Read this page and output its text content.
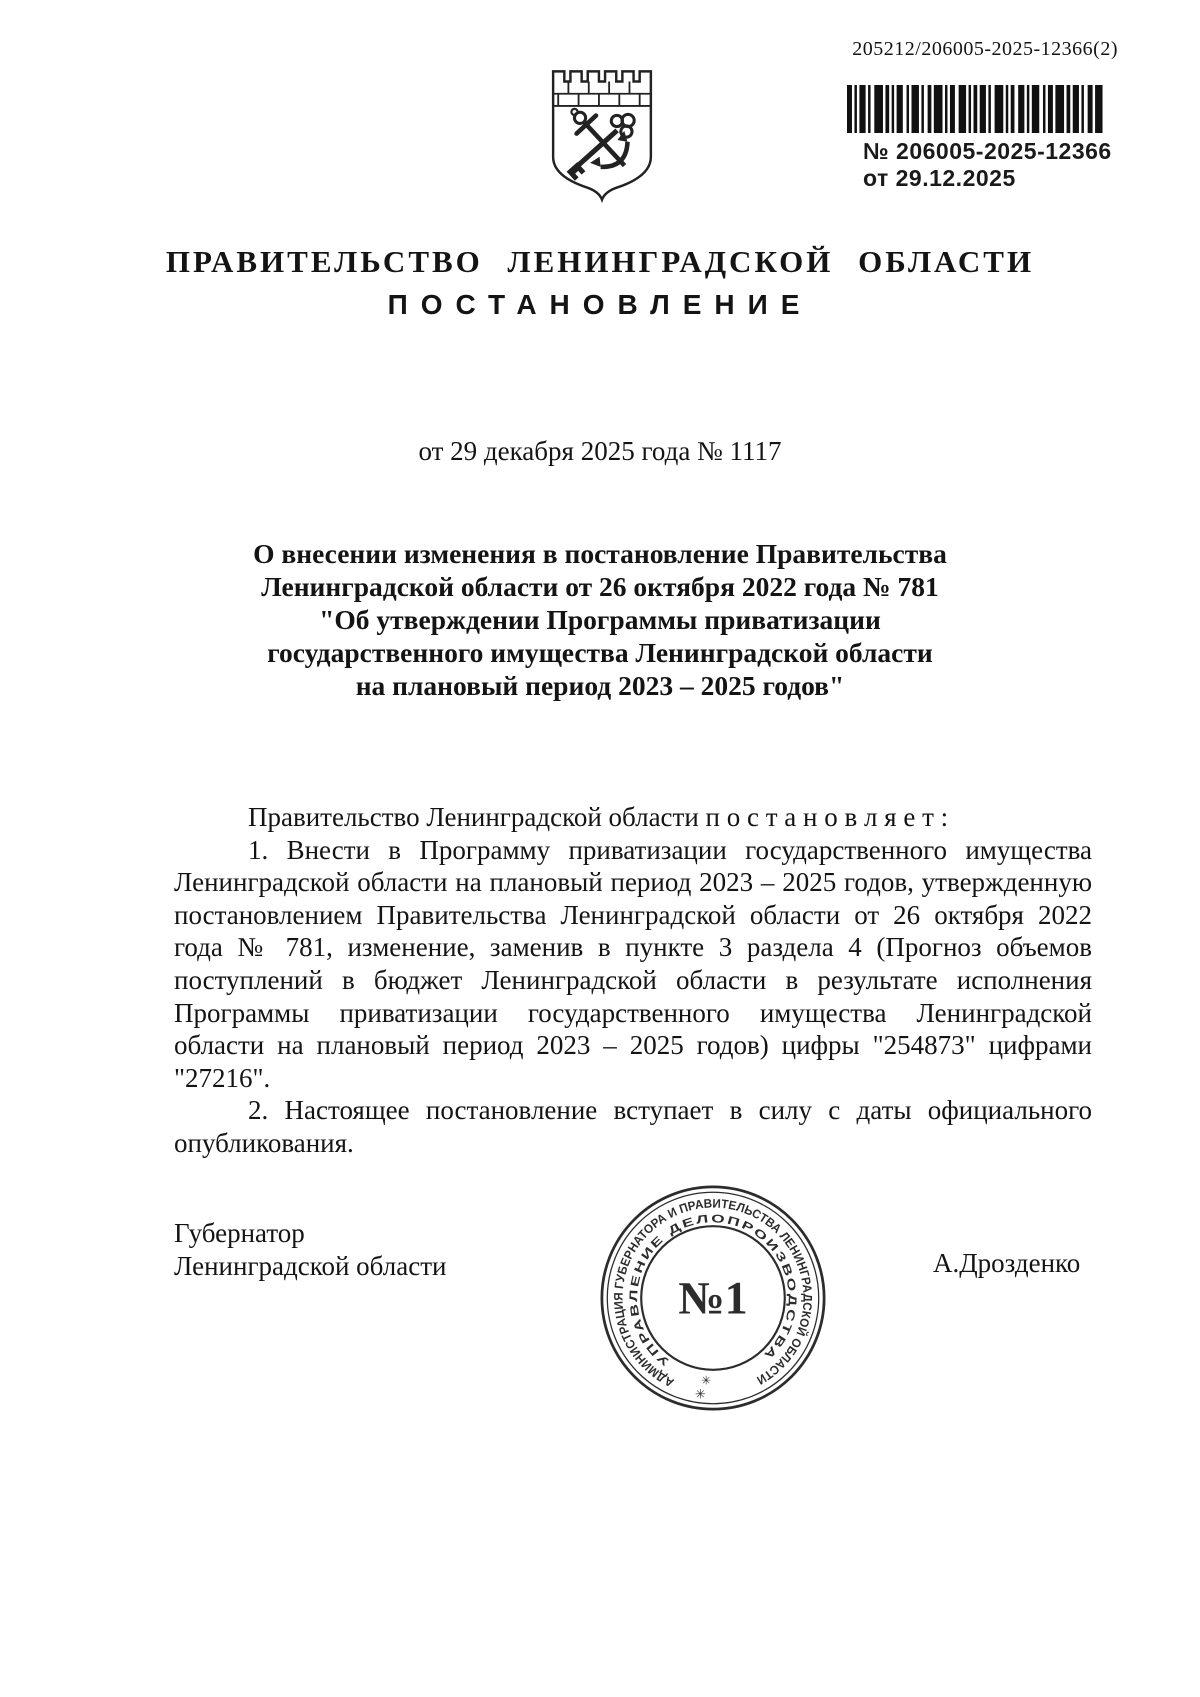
205212/206005-2025-12366(2)
№ 206005-2025-12366
от 29.12.2025
ПРАВИТЕЛЬСТВО ЛЕНИНГРАДСКОЙ ОБЛАСТИ
ПОСТАНОВЛЕНИЕ
от 29 декабря 2025 года № 1117
О внесении изменения в постановление Правительства
Ленинградской области от 26 октября 2022 года № 781
"Об утверждении Программы приватизации
государственного имущества Ленинградской области
на плановый период 2023 – 2025 годов"

Правительство Ленинградской области п о с т а н о в л я е т :

1. Внести в Программу приватизации государственного имущества Ленинградской области на плановый период 2023 – 2025 годов, утвержденную постановлением Правительства Ленинградской области от 26 октября 2022 года № 781, изменение, заменив в пункте 3 раздела 4 (Прогноз объемов поступлений в бюджет Ленинградской области в результате исполнения Программы приватизации государственного имущества Ленинградской области на плановый период 2023 – 2025 годов) цифры "254873" цифрами "27216".

2. Настоящее постановление вступает в силу с даты официального опубликования.

Губернатор
Ленинградской области	А.Дрозденко
АДМИНИСТРАЦИЯ ГУБЕРНАТОРА И ПРАВИТЕЛЬСТВА ЛЕНИНГРАДСКОЙ ОБЛАСТИ
УПРАВЛЕНИЕ ДЕЛОПРОИЗВОДСТВА
№1
✳
✳
